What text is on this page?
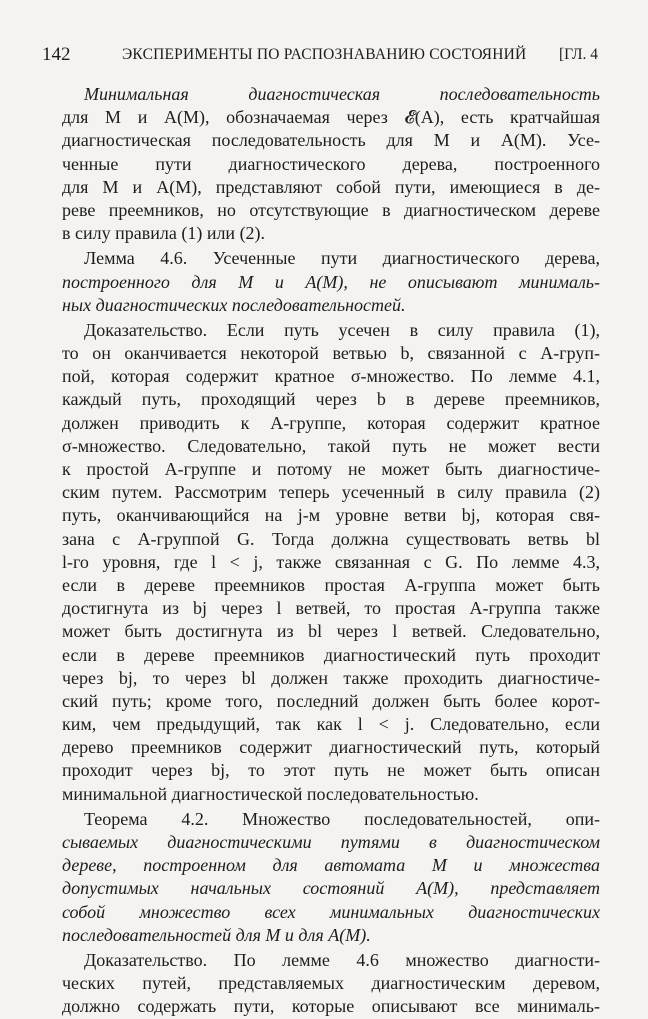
142	ЭКСПЕРИМЕНТЫ ПО РАСПОЗНАВАНИЮ СОСТОЯНИЙ [ГЛ. 4
Минимальная диагностическая последовательность
для M и A(M), обозначаемая через 𝓔(A), есть кратчайшая
диагностическая последовательность для M и A(M). Усе-
ченные пути диагностического дерева, построенного
для M и A(M), представляют собой пути, имеющиеся в де-
реве преемников, но отсутствующие в диагностическом дереве
в силу правила (1) или (2).
Лемма 4.6. Усеченные пути диагностического дерева,
построенного для M и A(M), не описывают минималь-
ных диагностических последовательностей.
Доказательство. Если путь усечен в силу правила (1),
то он оканчивается некоторой ветвью b, связанной с A-груп-
пой, которая содержит кратное σ-множество. По лемме 4.1,
каждый путь, проходящий через b в дереве преемников,
должен приводить к A-группе, которая содержит кратное
σ-множество. Следовательно, такой путь не может вести
к простой A-группе и потому не может быть диагностиче-
ским путем. Рассмотрим теперь усеченный в силу правила (2)
путь, оканчивающийся на j-м уровне ветви bj, которая свя-
зана с A-группой G. Тогда должна существовать ветвь bl
l-го уровня, где l < j, также связанная с G. По лемме 4.3,
если в дереве преемников простая A-группа может быть
достигнута из bj через l ветвей, то простая A-группа также
может быть достигнута из bl через l ветвей. Следовательно,
если в дереве преемников диагностический путь проходит
через bj, то через bl должен также проходить диагностиче-
ский путь; кроме того, последний должен быть более корот-
ким, чем предыдущий, так как l < j. Следовательно, если
дерево преемников содержит диагностический путь, который
проходит через bj, то этот путь не может быть описан
минимальной диагностической последовательностью.
Теорема 4.2. Множество последовательностей, опи-
сываемых диагностическими путями в диагностическом
дереве, построенном для автомата M и множества
допустимых начальных состояний A(M), представляет
собой множество всех минимальных диагностических
последовательностей для M и для A(M).
Доказательство. По лемме 4.6 множество диагности-
ческих путей, представляемых диагностическим деревом,
должно содержать пути, которые описывают все минималь-
